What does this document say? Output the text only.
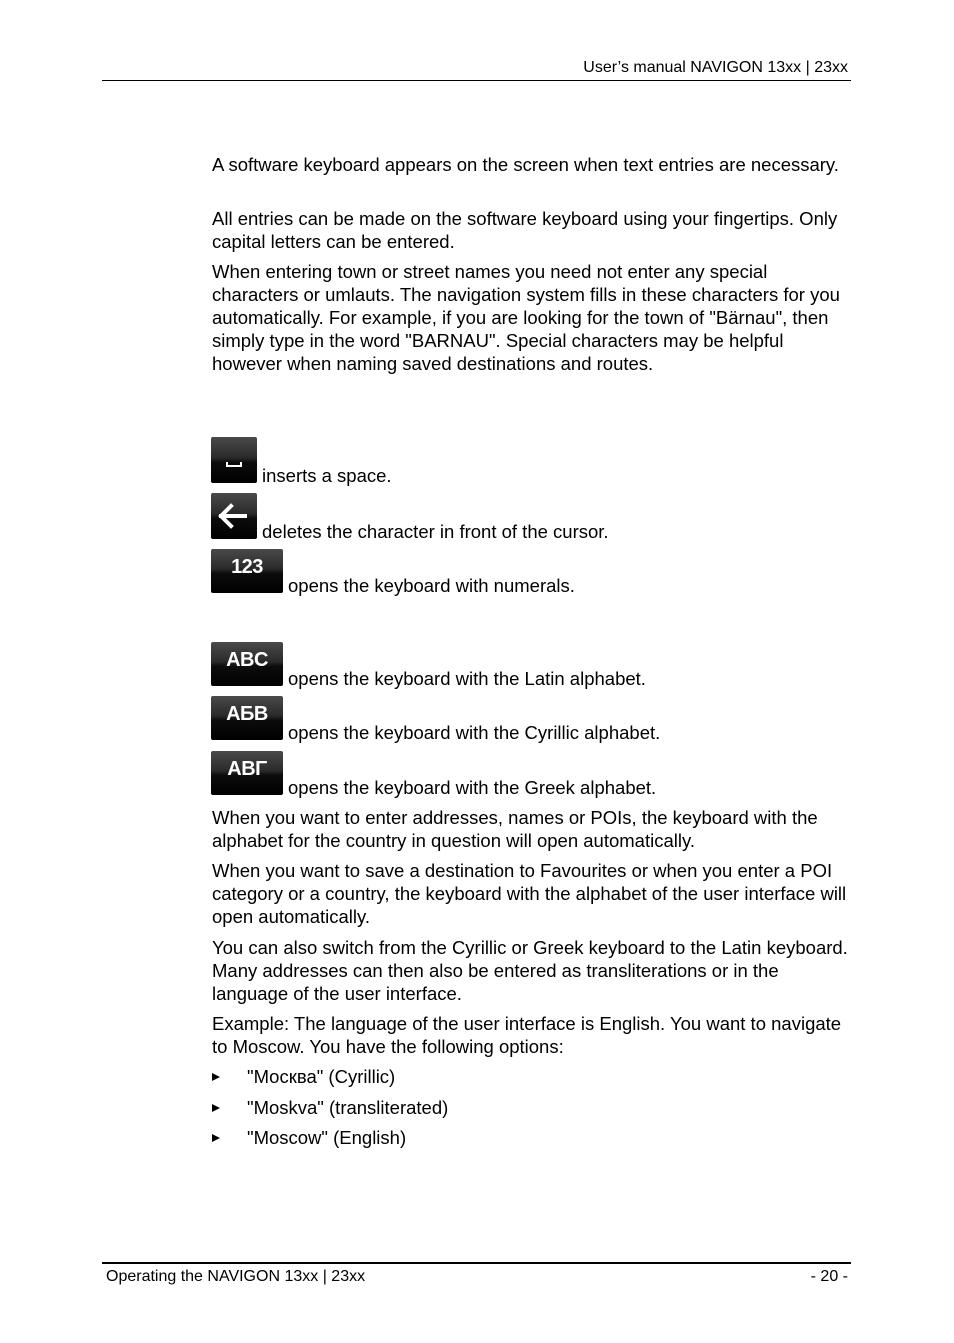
User’s manual NAVIGON 13xx | 23xx

A software keyboard appears on the screen when text entries are necessary.

All entries can be made on the software keyboard using your fingertips. Only capital letters can be entered.

When entering town or street names you need not enter any special characters or umlauts. The navigation system fills in these characters for you automatically. For example, if you are looking for the town of "Bärnau", then simply type in the word "BARNAU". Special characters may be helpful however when naming saved destinations and routes.

inserts a space.
deletes the character in front of the cursor.
123
opens the keyboard with numerals.
ABC
opens the keyboard with the Latin alphabet.
АБВ
opens the keyboard with the Cyrillic alphabet.
ΑΒΓ
opens the keyboard with the Greek alphabet.

When you want to enter addresses, names or POIs, the keyboard with the alphabet for the country in question will open automatically.

When you want to save a destination to Favourites or when you enter a POI category or a country, the keyboard with the alphabet of the user interface will open automatically.

You can also switch from the Cyrillic or Greek keyboard to the Latin keyboard. Many addresses can then also be entered as transliterations or in the language of the user interface.

Example: The language of the user interface is English. You want to navigate to Moscow. You have the following options:

"Москва" (Cyrillic)
"Moskva" (transliterated)
"Moscow" (English)
Operating the NAVIGON 13xx | 23xx	- 20 -
